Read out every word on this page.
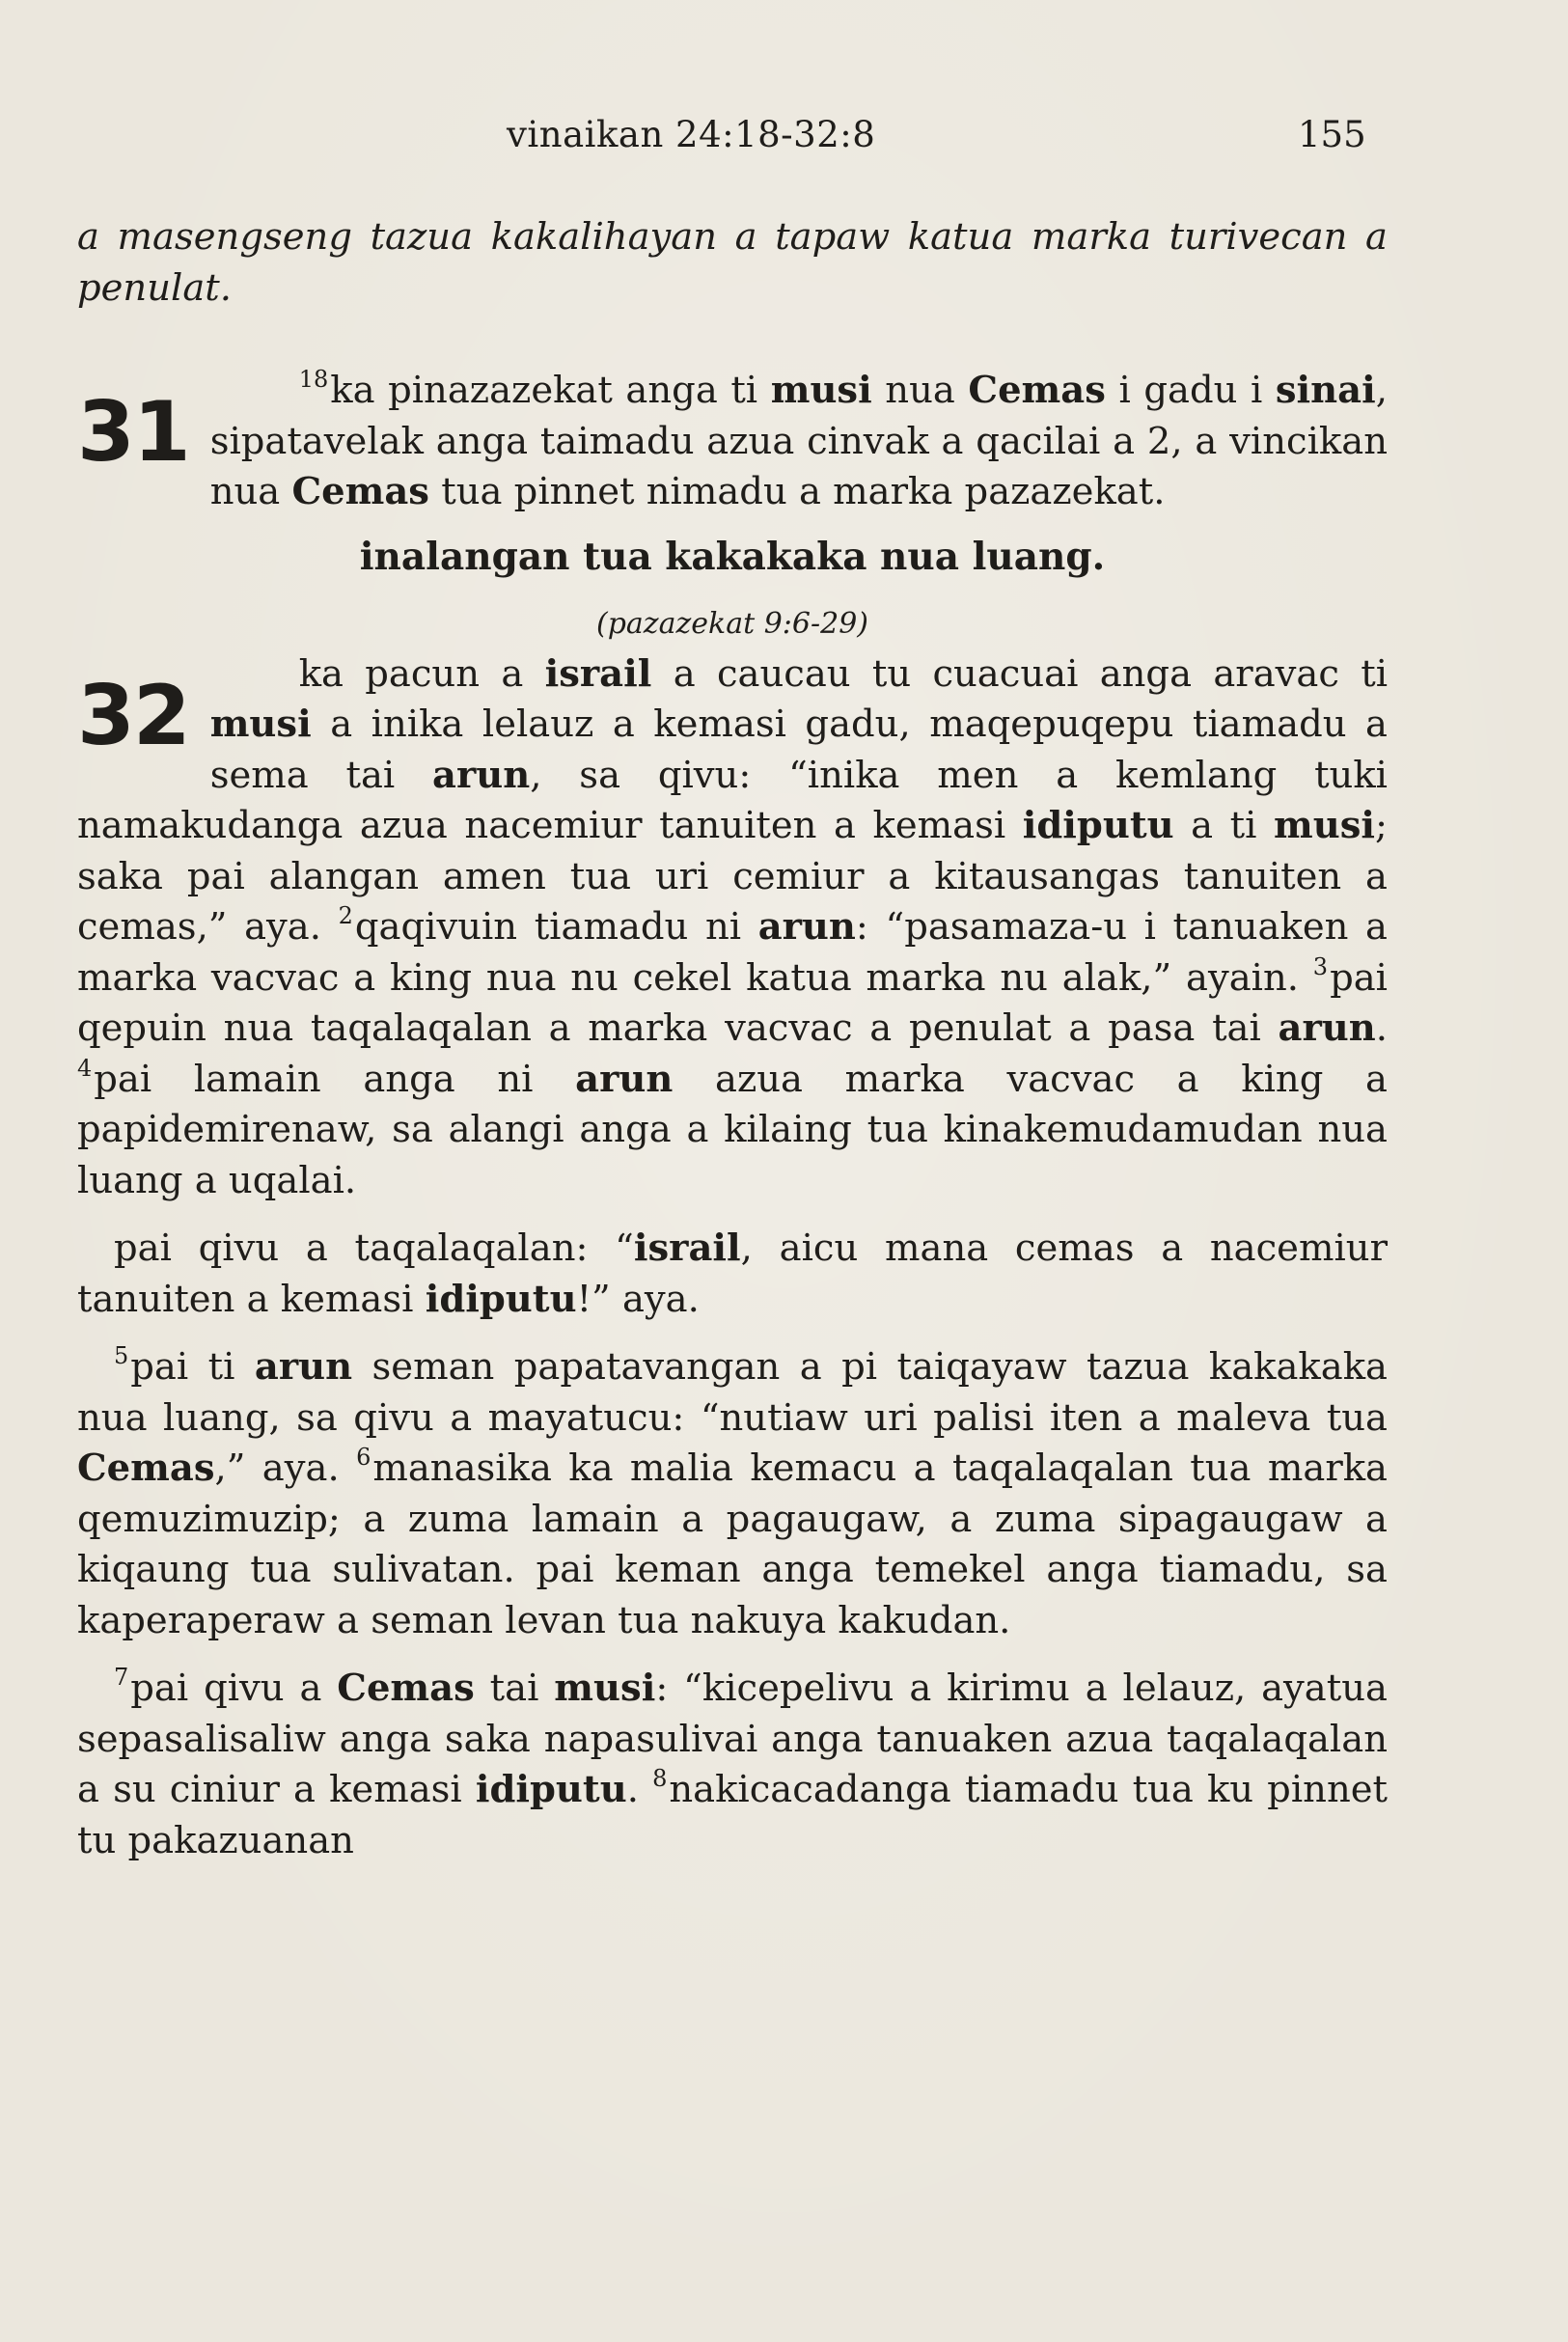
vinaikan 24:18-32:8	155

a masengseng tazua kakalihayan a tapaw katua marka turivecan a penulat.

31
$^{18}$ka pinazazekat anga ti musi nua Cemas i gadu i sinai, sipatavelak anga taimadu azua cinvak a qacilai a 2, a vincikan nua Cemas tua pinnet nimadu a marka pazazekat.

inalangan tua kakakaka nua luang.
(pazazekat 9:6-29)

32	ka pacun a israil a caucau tu cuacuai anga aravac ti musi a inika lelauz a kemasi gadu, maqepuqepu tiamadu a sema tai arun, sa qivu: “inika men a kemlang tuki namakudanga azua nacemiur tanuiten a kemasi idiputu a ti musi; saka pai alangan amen tua uri cemiur a kitausangas tanuiten a cemas,” aya. $^2$qaqivuin tiamadu ni arun: “pasamaza-u i tanuaken a marka vacvac a king nua nu cekel katua marka nu alak,” ayain. $^3$pai qepuin nua taqalaqalan a marka vacvac a penulat a pasa tai arun. $^4$pai lamain anga ni arun azua marka vacvac a king a papidemirenaw, sa alangi anga a kilaing tua kinakemudamudan nua luang a uqalai.

pai qivu a taqalaqalan: “israil, aicu mana cemas a nacemiur tanuiten a kemasi idiputu!” aya.

$^5$pai ti arun seman papatavangan a pi taiqayaw tazua kakakaka nua luang, sa qivu a mayatucu: “nutiaw uri palisi iten a maleva tua Cemas,” aya. $^6$manasika ka malia kemacu a taqalaqalan tua marka qemuzimuzip; a zuma lamain a pagaugaw, a zuma sipagaugaw a kiqaung tua sulivatan. pai keman anga temekel anga tiamadu, sa kaperaperaw a seman levan tua nakuya kakudan.

$^7$pai qivu a Cemas tai musi: “kicepelivu a kirimu a lelauz, ayatua sepasalisaliw anga saka napasulivai anga tanuaken azua taqalaqalan a su ciniur a kemasi idiputu. $^8$nakicacadanga tiamadu tua ku pinnet tu pakazuanan
